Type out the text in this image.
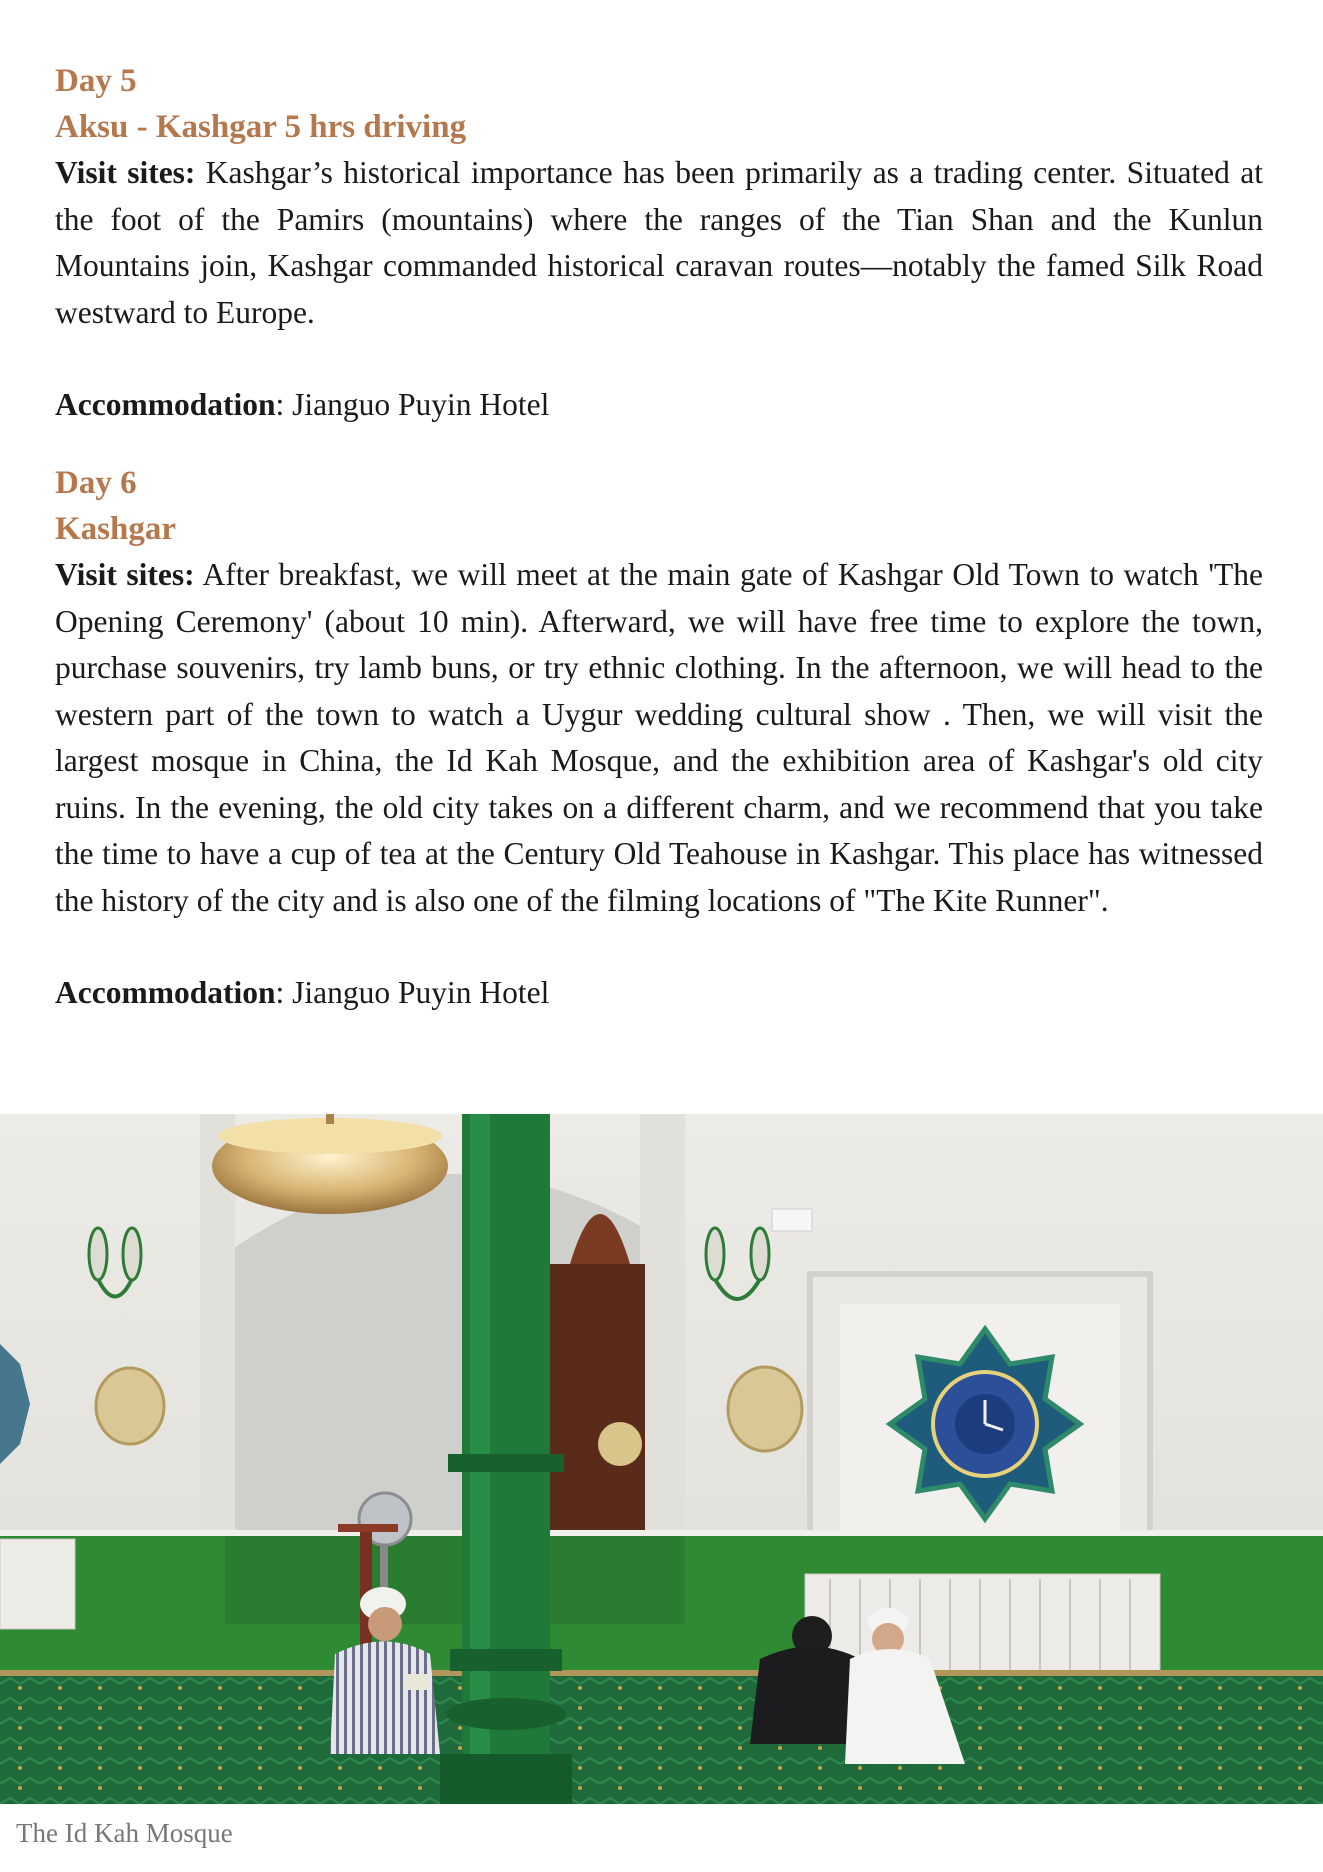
Day 5

Aksu - Kashgar 5 hrs driving

Visit sites: Kashgar’s historical importance has been primarily as a trading center. Situated at the foot of the Pamirs (mountains) where the ranges of the Tian Shan and the Kunlun Mountains join, Kashgar commanded historical caravan routes—notably the famed Silk Road westward to Europe.

Accommodation: Jianguo Puyin Hotel

Day 6

Kashgar

Visit sites: After breakfast, we will meet at the main gate of Kashgar Old Town to watch 'The Opening Ceremony' (about 10 min). Afterward, we will have free time to explore the town, purchase souvenirs, try lamb buns, or try ethnic clothing. In the afternoon, we will head to the western part of the town to watch a Uygur wedding cultural show . Then, we will visit the largest mosque in China, the Id Kah Mosque, and the exhibition area of Kashgar's old city ruins. In the evening, the old city takes on a different charm, and we recommend that you take the time to have a cup of tea at the Century Old Teahouse in Kashgar. This place has witnessed the history of the city and is also one of the filming locations of "The Kite Runner".

Accommodation: Jianguo Puyin Hotel

The Id Kah Mosque
